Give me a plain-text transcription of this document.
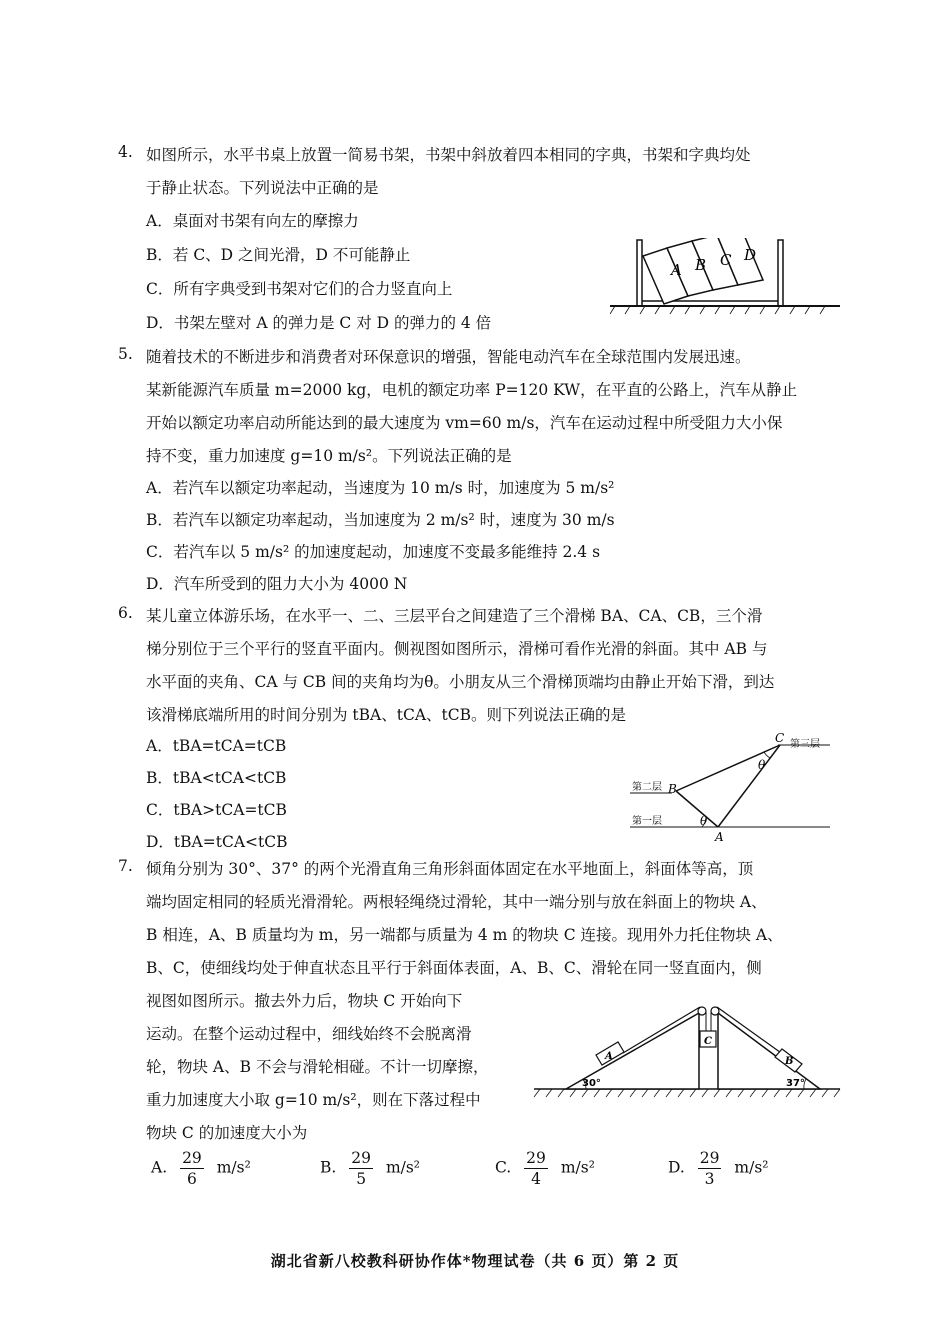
4. 如图所示，水平书桌上放置一简易书架，书架中斜放着四本相同的字典，书架和字典均处
于静止状态。下列说法中正确的是
A．桌面对书架有向左的摩擦力
B．若 C、D 之间光滑，D 不可能静止
C．所有字典受到书架对它们的合力竖直向上
D．书架左壁对 A 的弹力是 C 对 D 的弹力的 4 倍
A B C D
5. 随着技术的不断进步和消费者对环保意识的增强，智能电动汽车在全球范围内发展迅速。
某新能源汽车质量 m=2000 kg，电机的额定功率 P=120 KW，在平直的公路上，汽车从静止
开始以额定功率启动所能达到的最大速度为 vm=60 m/s，汽车在运动过程中所受阻力大小保
持不变，重力加速度 g=10 m/s²。下列说法正确的是
A．若汽车以额定功率起动，当速度为 10 m/s 时，加速度为 5 m/s²
B．若汽车以额定功率起动，当加速度为 2 m/s² 时，速度为 30 m/s
C．若汽车以 5 m/s² 的加速度起动，加速度不变最多能维持 2.4 s
D．汽车所受到的阻力大小为 4000 N
6. 某儿童立体游乐场，在水平一、二、三层平台之间建造了三个滑梯 BA、CA、CB，三个滑
梯分别位于三个平行的竖直平面内。侧视图如图所示，滑梯可看作光滑的斜面。其中 AB 与
水平面的夹角、CA 与 CB 间的夹角均为θ。小朋友从三个滑梯顶端均由静止开始下滑，到达
该滑梯底端所用的时间分别为 tBA、tCA、tCB。则下列说法正确的是
A．tBA=tCA=tCB
B．tBA<tCA<tCB
C．tBA>tCA=tCB
D．tBA=tCA<tCB
第三层
第二层
第一层
C
B
A
θ
θ
7. 倾角分别为 30°、37° 的两个光滑直角三角形斜面体固定在水平地面上，斜面体等高，顶
端均固定相同的轻质光滑滑轮。两根轻绳绕过滑轮，其中一端分别与放在斜面上的物块 A、
B 相连，A、B 质量均为 m，另一端都与质量为 4 m 的物块 C 连接。现用外力托住物块 A、
B、C，使细线均处于伸直状态且平行于斜面体表面，A、B、C、滑轮在同一竖直面内，侧
视图如图所示。撤去外力后，物块 C 开始向下
运动。在整个运动过程中，细线始终不会脱离滑
轮，物块 A、B 不会与滑轮相碰。不计一切摩擦，
重力加速度大小取 g=10 m/s²，则在下落过程中
物块 C 的加速度大小为
A
C
B
30°	37°
A. $\frac{29}{6} m/s^2$	B. $\frac{29}{5} m/s^2$	C. $\frac{29}{4} m/s^2$	D. $\frac{29}{3} m/s^2$
湖北省新八校教科研协作体*物理试卷（共 6 页）第 2 页
